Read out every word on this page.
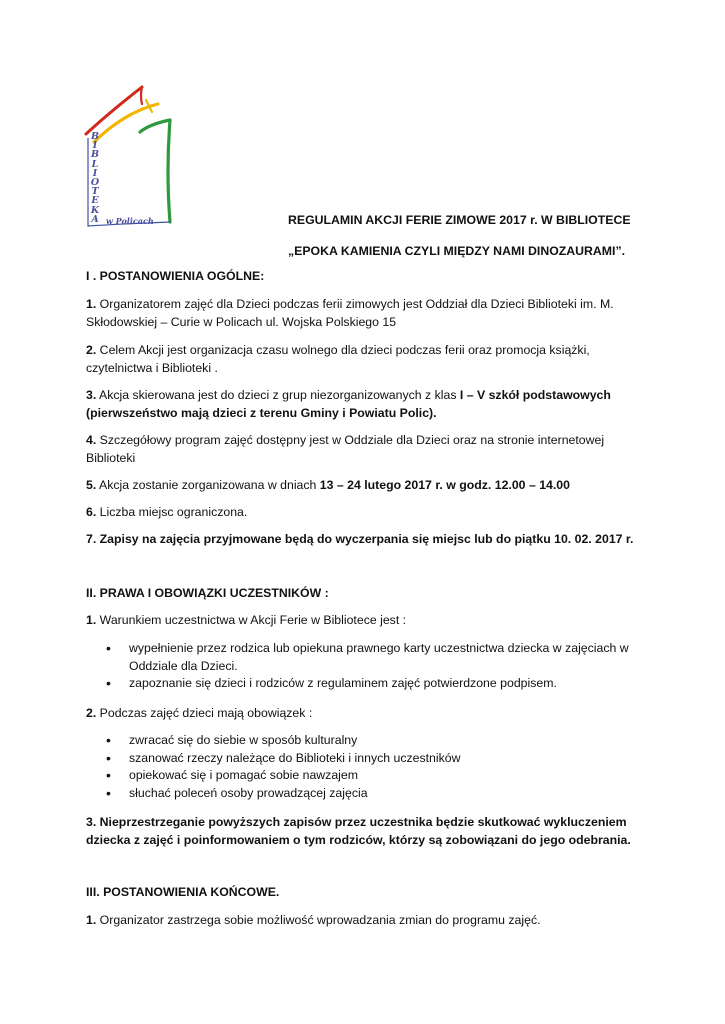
B
I
B
L
I
O
T
E
K
A w Policach	REGULAMIN AKCJI FERIE ZIMOWE 2017 r. W BIBLIOTECE
„EPOKA KAMIENIA CZYLI MIĘDZY NAMI DINOZAURAMI”.
I . POSTANOWIENIA OGÓLNE:
1. Organizatorem zajęć dla Dzieci podczas ferii zimowych jest Oddział dla Dzieci Biblioteki im. M. Skłodowskiej – Curie w Policach ul. Wojska Polskiego 15
2. Celem Akcji jest organizacja czasu wolnego dla dzieci podczas ferii oraz promocja książki, czytelnictwa i Biblioteki .
3. Akcja skierowana jest do dzieci z grup niezorganizowanych z klas I – V szkół podstawowych (pierwszeństwo mają dzieci z terenu Gminy i Powiatu Polic).
4. Szczegółowy program zajęć dostępny jest w Oddziale dla Dzieci oraz na stronie internetowej Biblioteki
5. Akcja zostanie zorganizowana w dniach 13 – 24 lutego 2017 r. w godz. 12.00 – 14.00
6. Liczba miejsc ograniczona.
7. Zapisy na zajęcia przyjmowane będą do wyczerpania się miejsc lub do piątku 10. 02. 2017 r.
II. PRAWA I OBOWIĄZKI UCZESTNIKÓW :
1. Warunkiem uczestnictwa w Akcji Ferie w Bibliotece jest :
• wypełnienie przez rodzica lub opiekuna prawnego karty uczestnictwa dziecka w zajęciach w Oddziale dla Dzieci.
• zapoznanie się dzieci i rodziców z regulaminem zajęć potwierdzone podpisem.
2. Podczas zajęć dzieci mają obowiązek :
• zwracać się do siebie w sposób kulturalny
• szanować rzeczy należące do Biblioteki i innych uczestników
• opiekować się i pomagać sobie nawzajem
• słuchać poleceń osoby prowadzącej zajęcia
3. Nieprzestrzeganie powyższych zapisów przez uczestnika będzie skutkować wykluczeniem dziecka z zajęć i poinformowaniem o tym rodziców, którzy są zobowiązani do jego odebrania.
III. POSTANOWIENIA KOŃCOWE.
1. Organizator zastrzega sobie możliwość wprowadzania zmian do programu zajęć.
